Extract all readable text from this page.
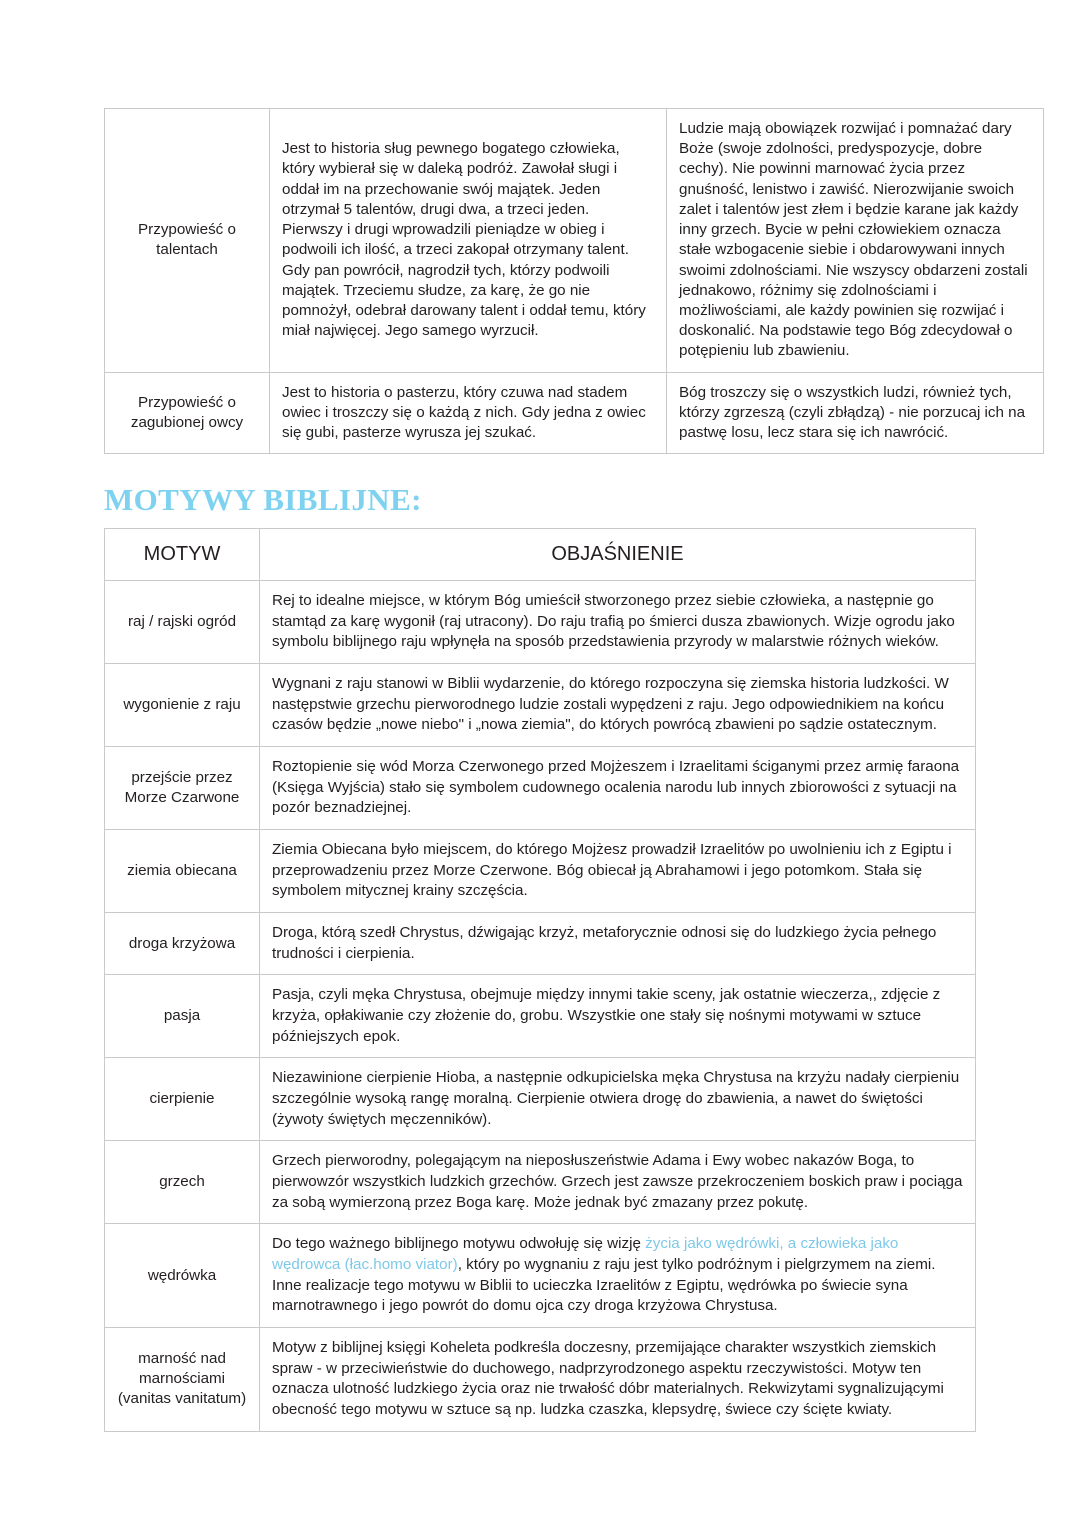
Przypowieść o talentach	Jest to historia sług pewnego bogatego człowieka, który wybierał się w daleką podróż. Zawołał sługi i oddał im na przechowanie swój majątek. Jeden otrzymał 5 talentów, drugi dwa, a trzeci jeden. Pierwszy i drugi wprowadzili pieniądze w obieg i podwoili ich ilość, a trzeci zakopał otrzymany talent. Gdy pan powrócił, nagrodził tych, którzy podwoili majątek. Trzeciemu słudze, za karę, że go nie pomnożył, odebrał darowany talent i oddał temu, który miał najwięcej. Jego samego wyrzucił.	Ludzie mają obowiązek rozwijać i pomnażać dary Boże (swoje zdolności, predyspozycje, dobre cechy). Nie powinni marnować życia przez gnuśność, lenistwo i zawiść. Nierozwijanie swoich zalet i talentów jest złem i będzie karane jak każdy inny grzech. Bycie w pełni człowiekiem oznacza stałe wzbogacenie siebie i obdarowywani innych swoimi zdolnościami. Nie wszyscy obdarzeni zostali jednakowo, różnimy się zdolnościami i możliwościami, ale każdy powinien się rozwijać i doskonalić. Na podstawie tego Bóg zdecydował o potępieniu lub zbawieniu.
Przypowieść o zagubionej owcy	Jest to historia o pasterzu, który czuwa nad stadem owiec i troszczy się o każdą z nich. Gdy jedna z owiec się gubi, pasterze wyrusza jej szukać.	Bóg troszczy się o wszystkich ludzi, również tych, którzy zgrzeszą (czyli zbłądzą) - nie porzucaj ich na pastwę losu, lecz stara się ich nawrócić.
MOTYWY BIBLIJNE:
MOTYW	OBJAŚNIENIE
raj / rajski ogród	Rej to idealne miejsce, w którym Bóg umieścił stworzonego przez siebie człowieka, a następnie go stamtąd za karę wygonił (raj utracony). Do raju trafią po śmierci dusza zbawionych. Wizje ogrodu jako symbolu biblijnego raju wpłynęła na sposób przedstawienia przyrody w malarstwie różnych wieków.
wygonienie z raju	Wygnani z raju stanowi w Biblii wydarzenie, do którego rozpoczyna się ziemska historia ludzkości. W następstwie grzechu pierworodnego ludzie zostali wypędzeni z raju. Jego odpowiednikiem na końcu czasów będzie „nowe niebo" i „nowa ziemia", do których powrócą zbawieni po sądzie ostatecznym.
przejście przez Morze Czarwone	Roztopienie się wód Morza Czerwonego przed Mojżeszem i Izraelitami ściganymi przez armię faraona (Księga Wyjścia) stało się symbolem cudownego ocalenia narodu lub innych zbiorowości z sytuacji na pozór beznadziejnej.
ziemia obiecana	Ziemia Obiecana było miejscem, do którego Mojżesz prowadził Izraelitów po uwolnieniu ich z Egiptu i przeprowadzeniu przez Morze Czerwone. Bóg obiecał ją Abrahamowi i jego potomkom. Stała się symbolem mitycznej krainy szczęścia.
droga krzyżowa	Droga, którą szedł Chrystus, dźwigając krzyż, metaforycznie odnosi się do ludzkiego życia pełnego trudności i cierpienia.
pasja	Pasja, czyli męka Chrystusa, obejmuje między innymi takie sceny, jak ostatnie wieczerza,, zdjęcie z krzyża, opłakiwanie czy złożenie do, grobu. Wszystkie one stały się nośnymi motywami w sztuce późniejszych epok.
cierpienie	Niezawinione cierpienie Hioba, a następnie odkupicielska męka Chrystusa na krzyżu nadały cierpieniu szczególnie wysoką rangę moralną. Cierpienie otwiera drogę do zbawienia, a nawet do świętości (żywoty świętych męczenników).
grzech	Grzech pierworodny, polegającym na nieposłuszeństwie Adama i Ewy wobec nakazów Boga, to pierwowzór wszystkich ludzkich grzechów. Grzech jest zawsze przekroczeniem boskich praw i pociąga za sobą wymierzoną przez Boga karę. Może jednak być zmazany przez pokutę.
wędrówka	Do tego ważnego biblijnego motywu odwołuję się wizję życia jako wędrówki, a człowieka jako wędrowca (łac.homo viator), który po wygnaniu z raju jest tylko podróżnym i pielgrzymem na ziemi. Inne realizacje tego motywu w Biblii to ucieczka Izraelitów z Egiptu, wędrówka po świecie syna marnotrawnego i jego powrót do domu ojca czy droga krzyżowa Chrystusa.
marność nad marnościami (vanitas vanitatum)	Motyw z biblijnej księgi Koheleta podkreśla doczesny, przemijające charakter wszystkich ziemskich spraw - w przeciwieństwie do duchowego, nadprzyrodzonego aspektu rzeczywistości. Motyw ten oznacza ulotność ludzkiego życia oraz nie trwałość dóbr materialnych. Rekwizytami sygnalizującymi obecność tego motywu w sztuce są np. ludzka czaszka, klepsydrę, świece czy ścięte kwiaty.
